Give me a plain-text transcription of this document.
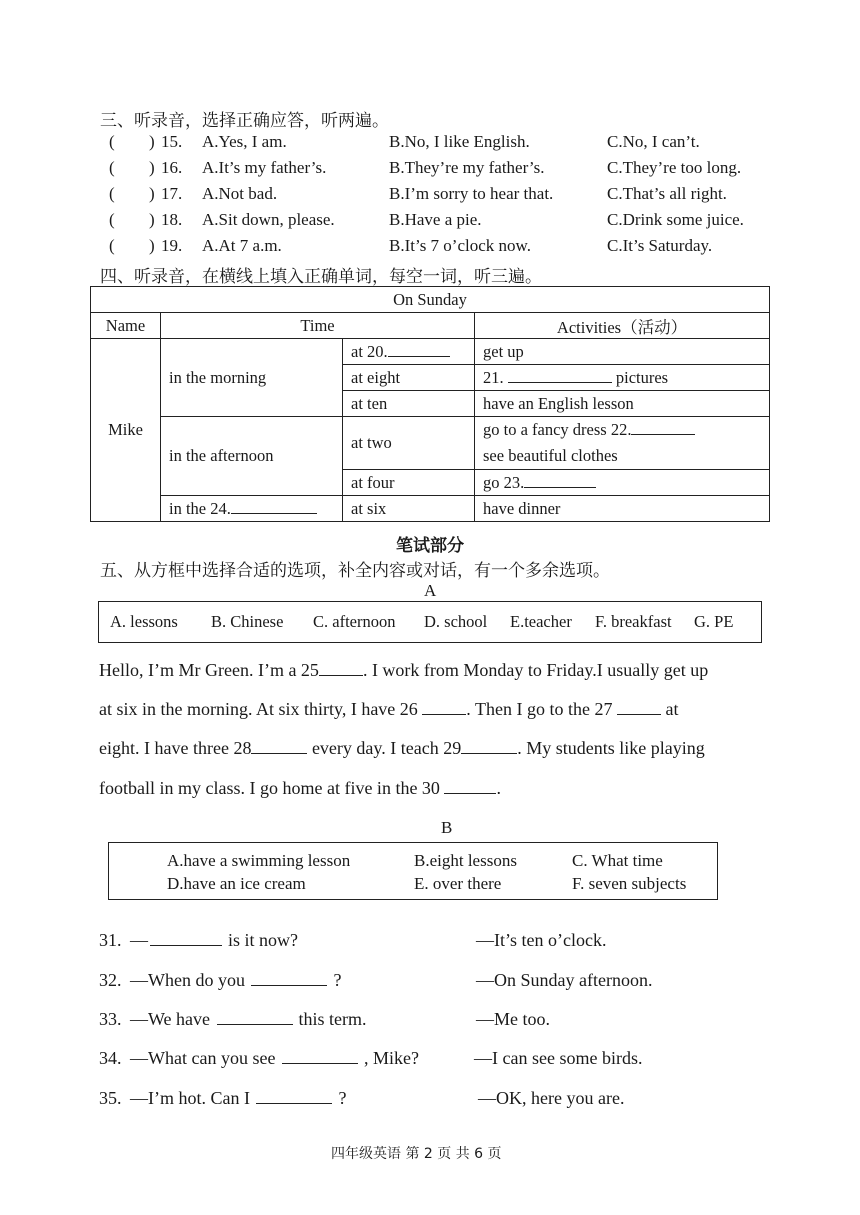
三、听录音，选择正确应答，听两遍。
( ) 15. A.Yes, I am.	B.No, I like English.	C.No, I can’t.
( ) 16. A.It’s my father’s.	B.They’re my father’s.	C.They’re too long.
( ) 17. A.Not bad.	B.I’m sorry to hear that.	C.That’s all right.
( ) 18. A.Sit down, please.	B.Have a pie.	C.Drink some juice.
( ) 19. A.At 7 a.m.	B.It’s 7 o’clock now.	C.It’s Saturday.
四、听录音，在横线上填入正确单词，每空一词，听三遍。
On Sunday			
Name	Time		Activities（活动）
Mike	in the morning	at 20.	get up
		at eight	21. pictures
		at ten	have an English lesson
	in the afternoon	at two	go to a fancy dress 22.
see beautiful clothes
		at four	go 23.
	in the 24.	at six	have dinner
笔试部分
五、从方框中选择合适的选项，补全内容或对话，有一个多余选项。
A
A. lessons B. Chinese C. afternoon D. school E.teacher F. breakfast G. PE
Hello, I’m Mr Green. I’m a 25 . I work from Monday to Friday.I usually get up
at six in the morning. At six thirty, I have 26 . Then I go to the 27  at
eight. I have three 28	every day. I teach 29	. My students like playing
football in my class. I go home at five in the 30	.
B
A.have a swimming lesson	B.eight lessons	C. What time
D.have an ice cream	E. over there	F. seven subjects
31. —	is it now?	—It’s ten o’clock.
32. —When do you	?	—On Sunday afternoon.
33. —We have	this term.	—Me too.
34. —What can you see	, Mike?	—I can see some birds.
35. —I’m hot. Can I	?	—OK, here you are.
四年级英语 第 2 页 共 6 页
